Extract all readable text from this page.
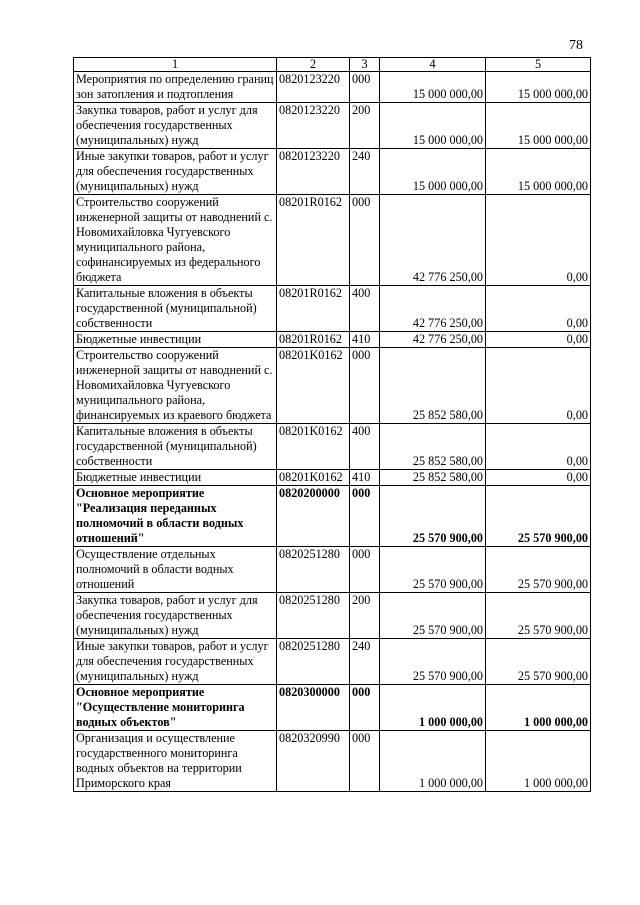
78
1	2	3	4	5
Мероприятия по определению границ зон затопления и подтопления	0820123220	000	15 000 000,00	15 000 000,00
Закупка товаров, работ и услуг для обеспечения государственных (муниципальных) нужд	0820123220	200	15 000 000,00	15 000 000,00
Иные закупки товаров, работ и услуг для обеспечения государственных (муниципальных) нужд	0820123220	240	15 000 000,00	15 000 000,00
Строительство сооружений инженерной защиты от наводнений с. Новомихайловка Чугуевского муниципального района, софинансируемых из федерального бюджета	08201R0162	000	42 776 250,00	0,00
Капитальные вложения в объекты государственной (муниципальной) собственности	08201R0162	400	42 776 250,00	0,00
Бюджетные инвестиции	08201R0162	410	42 776 250,00	0,00
Строительство сооружений инженерной защиты от наводнений с. Новомихайловка Чугуевского муниципального района, финансируемых из краевого бюджета	08201K0162	000	25 852 580,00	0,00
Капитальные вложения в объекты государственной (муниципальной) собственности	08201K0162	400	25 852 580,00	0,00
Бюджетные инвестиции	08201K0162	410	25 852 580,00	0,00
Основное мероприятие "Реализация переданных полномочий в области водных отношений"	0820200000	000	25 570 900,00	25 570 900,00
Осуществление отдельных полномочий в области водных отношений	0820251280	000	25 570 900,00	25 570 900,00
Закупка товаров, работ и услуг для обеспечения государственных (муниципальных) нужд	0820251280	200	25 570 900,00	25 570 900,00
Иные закупки товаров, работ и услуг для обеспечения государственных (муниципальных) нужд	0820251280	240	25 570 900,00	25 570 900,00
Основное мероприятие "Осуществление мониторинга водных объектов"	0820300000	000	1 000 000,00	1 000 000,00
Организация и осуществление государственного мониторинга водных объектов на территории Приморского края	0820320990	000	1 000 000,00	1 000 000,00
